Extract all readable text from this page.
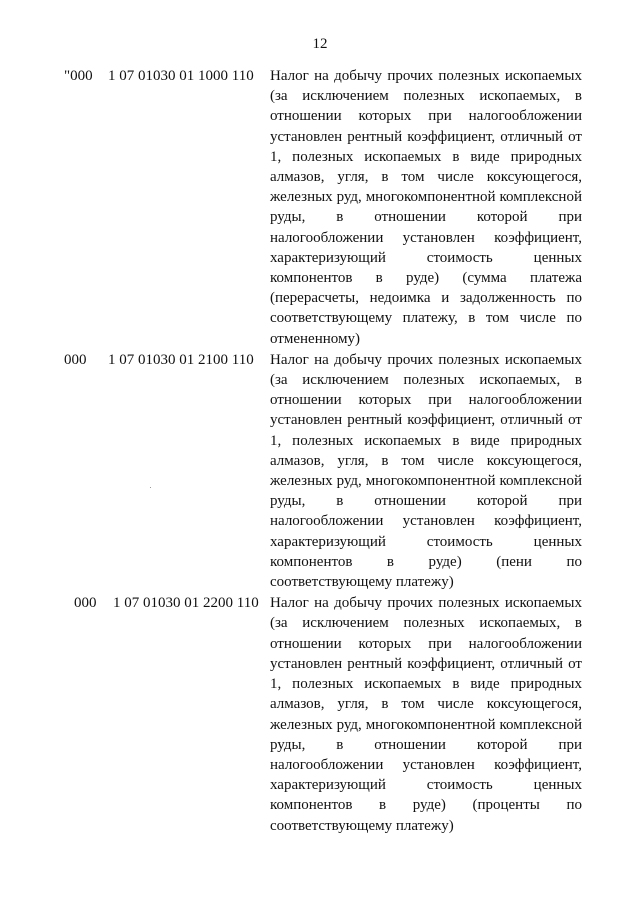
12
"000 1 07 01030 01 1000 110 Налог на добычу прочих полезных ископаемых (за исключением полезных ископаемых, в отношении которых при налогообложении установлен рентный коэффициент, отличный от 1, полезных ископаемых в виде природных алмазов, угля, в том числе коксующегося, железных руд, многокомпонентной комплексной руды, в отношении которой при налогообложении установлен коэффициент, характеризующий стоимость ценных компонентов в руде) (сумма платежа (перерасчеты, недоимка и задолженность по соответствующему платежу, в том числе по отмененному)
000 1 07 01030 01 2100 110 Налог на добычу прочих полезных ископаемых (за исключением полезных ископаемых, в отношении которых при налогообложении установлен рентный коэффициент, отличный от 1, полезных ископаемых в виде природных алмазов, угля, в том числе коксующегося, железных руд, многокомпонентной комплексной руды, в отношении которой при налогообложении установлен коэффициент, характеризующий стоимость ценных компонентов в руде) (пени по соответствующему платежу)
000 1 07 01030 01 2200 110 Налог на добычу прочих полезных ископаемых (за исключением полезных ископаемых, в отношении которых при налогообложении установлен рентный коэффициент, отличный от 1, полезных ископаемых в виде природных алмазов, угля, в том числе коксующегося, железных руд, многокомпонентной комплексной руды, в отношении которой при налогообложении установлен коэффициент, характеризующий стоимость ценных компонентов в руде) (проценты по соответствующему платежу)
